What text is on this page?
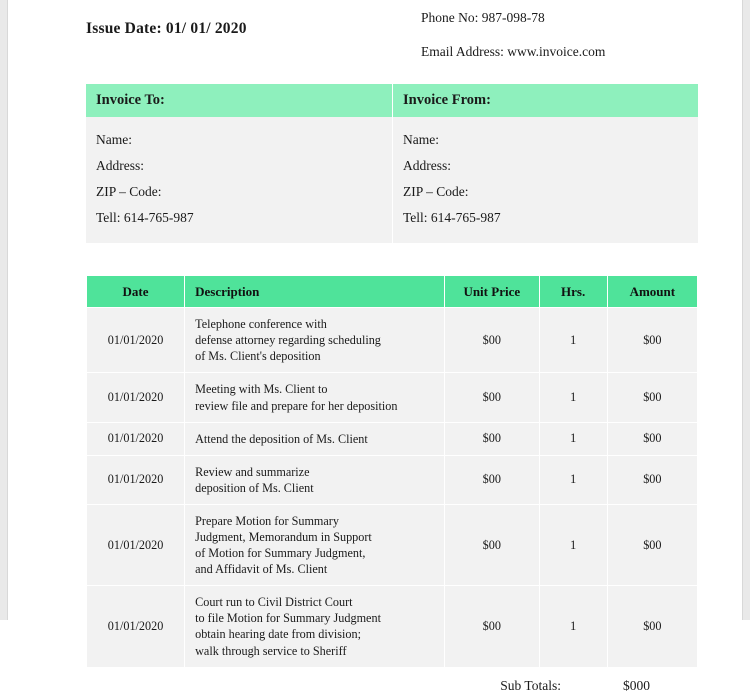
Issue Date: 01/ 01/ 2020
Phone No: 987-098-78
Email Address: www.invoice.com
Invoice To:
Name:
Address:
ZIP – Code:
Tell: 614-765-987
Invoice From:
Name:
Address:
ZIP – Code:
Tell: 614-765-987
Date	Description	Unit Price	Hrs.	Amount
01/01/2020	Telephone conference with
defense attorney regarding scheduling
of Ms. Client's deposition	$00	1	$00
01/01/2020	Meeting with Ms. Client to
review file and prepare for her deposition	$00	1	$00
01/01/2020	Attend the deposition of Ms. Client	$00	1	$00
01/01/2020	Review and summarize
deposition of Ms. Client	$00	1	$00
01/01/2020	Prepare Motion for Summary
Judgment, Memorandum in Support
of Motion for Summary Judgment,
and Affidavit of Ms. Client	$00	1	$00
01/01/2020	Court run to Civil District Court
to file Motion for Summary Judgment
obtain hearing date from division;
walk through service to Sheriff	$00	1	$00
Sub Totals:	$000
